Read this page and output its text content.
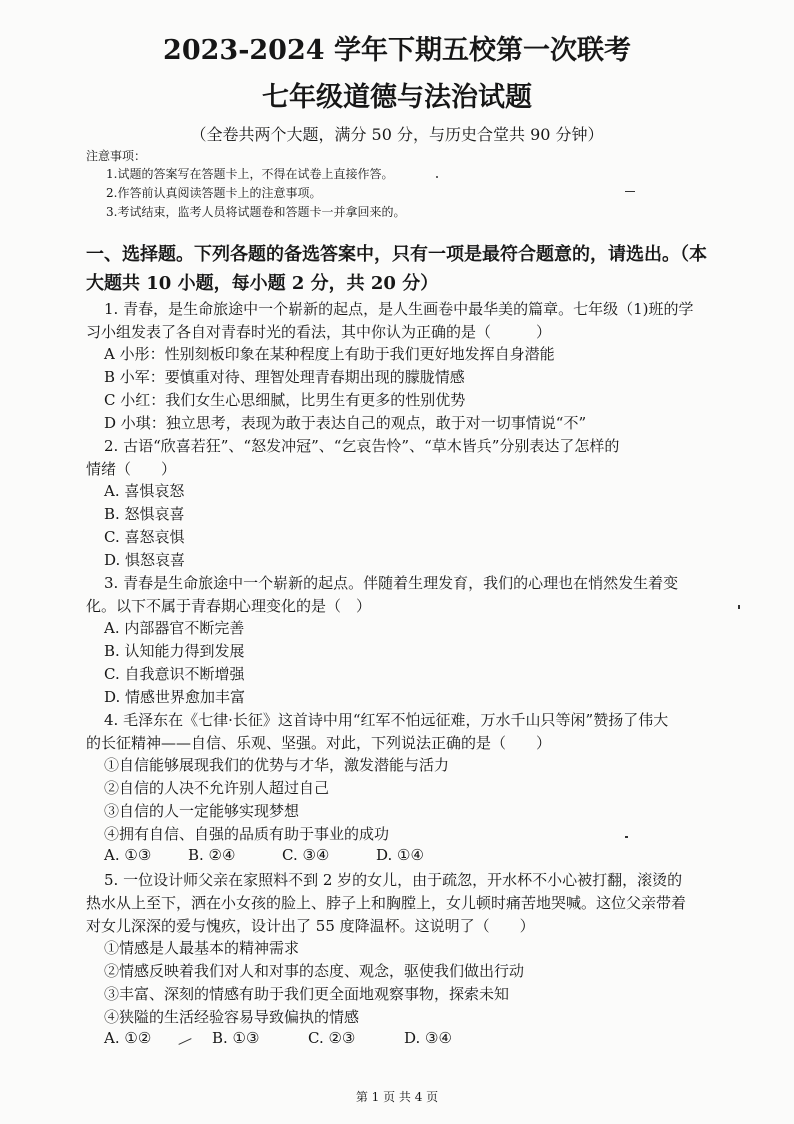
2023-2024 学年下期五校第一次联考
七年级道德与法治试题
（全卷共两个大题，满分 50 分，与历史合堂共 90 分钟）
注意事项：
1.试题的答案写在答题卡上，不得在试卷上直接作答。
2.作答前认真阅读答题卡上的注意事项。
3.考试结束，监考人员将试题卷和答题卡一并拿回来的。
一、选择题。下列各题的备选答案中，只有一项是最符合题意的，请选出。（本
大题共 10 小题，每小题 2 分，共 20 分）
1. 青春，是生命旅途中一个崭新的起点，是人生画卷中最华美的篇章。七年级（1)班的学
习小组发表了各自对青春时光的看法，其中你认为正确的是（　　　）
A 小彤：性别刻板印象在某种程度上有助于我们更好地发挥自身潜能
B 小军：要慎重对待、理智处理青春期出现的朦胧情感
C 小红：我们女生心思细腻，比男生有更多的性别优势
D 小琪：独立思考，表现为敢于表达自己的观点，敢于对一切事情说“不”
2. 古语“欣喜若狂”、“怒发冲冠”、“乞哀告怜”、“草木皆兵”分别表达了怎样的
情绪（　　）
A. 喜惧哀怒
B. 怒惧哀喜
C. 喜怒哀惧
D. 惧怒哀喜
3. 青春是生命旅途中一个崭新的起点。伴随着生理发育，我们的心理也在悄然发生着变
化。以下不属于青春期心理变化的是（　）
A. 内部器官不断完善
B. 认知能力得到发展
C. 自我意识不断增强
D. 情感世界愈加丰富
4. 毛泽东在《七律·长征》这首诗中用“红军不怕远征难，万水千山只等闲”赞扬了伟大
的长征精神——自信、乐观、坚强。对此，下列说法正确的是（　　）
①自信能够展现我们的优势与才华，激发潜能与活力
②自信的人决不允许别人超过自己
③自信的人一定能够实现梦想
④拥有自信、自强的品质有助于事业的成功
A. ①③ B. ②④	C. ③④	D. ①④
5. 一位设计师父亲在家照料不到 2 岁的女儿，由于疏忽，开水杯不小心被打翻，滚烫的
热水从上至下，洒在小女孩的脸上、脖子上和胸膛上，女儿顿时痛苦地哭喊。这位父亲带着
对女儿深深的爱与愧疚，设计出了 55 度降温杯。这说明了（　　）
①情感是人最基本的精神需求
②情感反映着我们对人和对事的态度、观念，驱使我们做出行动
③丰富、深刻的情感有助于我们更全面地观察事物，探索未知
④狭隘的生活经验容易导致偏执的情感
A. ①②	B. ①③	C. ②③	D. ③④
第 1 页 共 4 页
